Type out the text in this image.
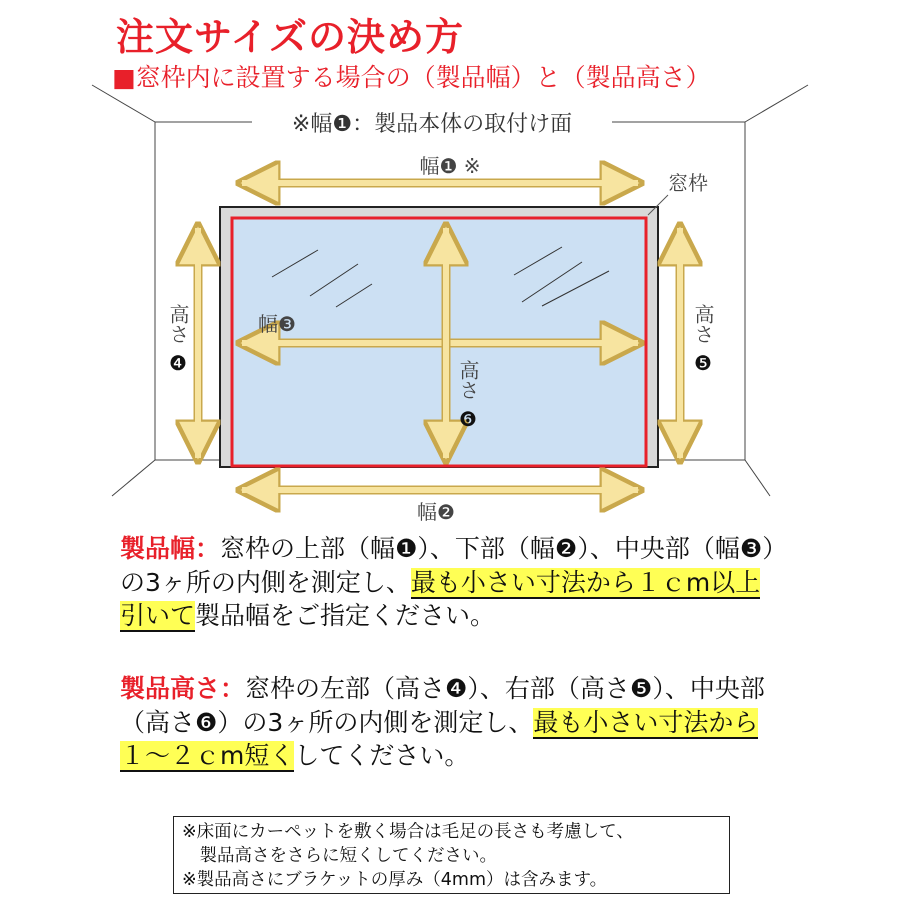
注文サイズの決め方
■窓枠内に設置する場合の（製品幅）と（製品高さ）
※幅❶：製品本体の取付け面
窓枠
幅❶ ※
幅❷
幅❸
高さ
❹
高さ
❺
高さ
❻
製品幅：窓枠の上部（幅❶）、下部（幅❷）、中央部（幅❸）の3ヶ所の内側を測定し、最も小さい寸法から１ｃm以上引いて製品幅をご指定ください。
製品高さ：窓枠の左部（高さ❹）、右部（高さ❺）、中央部（高さ❻）の3ヶ所の内側を測定し、最も小さい寸法から１～２ｃm短くしてください。
※床面にカーペットを敷く場合は毛足の長さも考慮して、
　製品高さをさらに短くしてください。
※製品高さにブラケットの厚み（4mm）は含みます。
